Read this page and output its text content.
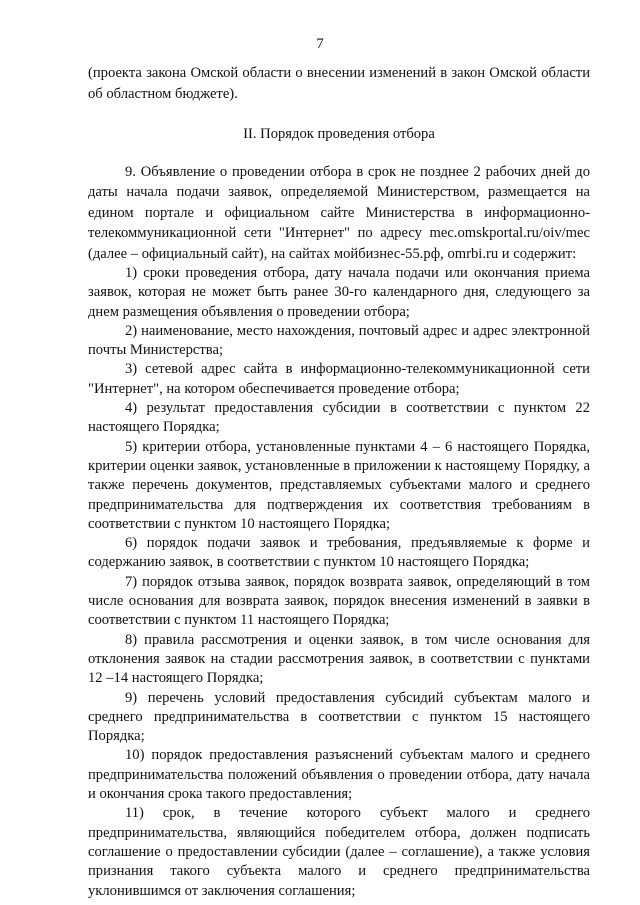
7

(проекта закона Омской области о внесении изменений в закон Омской области об областном бюджете).

II. Порядок проведения отбора

9. Объявление о проведении отбора в срок не позднее 2 рабочих дней до даты начала подачи заявок, определяемой Министерством, размещается на едином портале и официальном сайте Министерства в информационно-телекоммуникационной сети "Интернет" по адресу mec.omskportal.ru/oiv/mec (далее – официальный сайт), на сайтах мойбизнес-55.рф, omrbi.ru и содержит:

1) сроки проведения отбора, дату начала подачи или окончания приема заявок, которая не может быть ранее 30-го календарного дня, следующего за днем размещения объявления о проведении отбора;

2) наименование, место нахождения, почтовый адрес и адрес электронной почты Министерства;

3) сетевой адрес сайта в информационно-телекоммуникационной сети "Интернет", на котором обеспечивается проведение отбора;

4) результат предоставления субсидии в соответствии с пунктом 22 настоящего Порядка;

5) критерии отбора, установленные пунктами 4 – 6 настоящего Порядка, критерии оценки заявок, установленные в приложении к настоящему Порядку, а также перечень документов, представляемых субъектами малого и среднего предпринимательства для подтверждения их соответствия требованиям в соответствии с пунктом 10 настоящего Порядка;

6) порядок подачи заявок и требования, предъявляемые к форме и содержанию заявок, в соответствии с пунктом 10 настоящего Порядка;

7) порядок отзыва заявок, порядок возврата заявок, определяющий в том числе основания для возврата заявок, порядок внесения изменений в заявки в соответствии с пунктом 11 настоящего Порядка;

8) правила рассмотрения и оценки заявок, в том числе основания для отклонения заявок на стадии рассмотрения заявок, в соответствии с пунктами 12 –14 настоящего Порядка;

9) перечень условий предоставления субсидий субъектам малого и среднего предпринимательства в соответствии с пунктом 15 настоящего Порядка;

10) порядок предоставления разъяснений субъектам малого и среднего предпринимательства положений объявления о проведении отбора, дату начала и окончания срока такого предоставления;

11) срок, в течение которого субъект малого и среднего предпринимательства, являющийся победителем отбора, должен подписать соглашение о предоставлении субсидии (далее – соглашение), а также условия признания такого субъекта малого и среднего предпринимательства уклонившимся от заключения соглашения;
